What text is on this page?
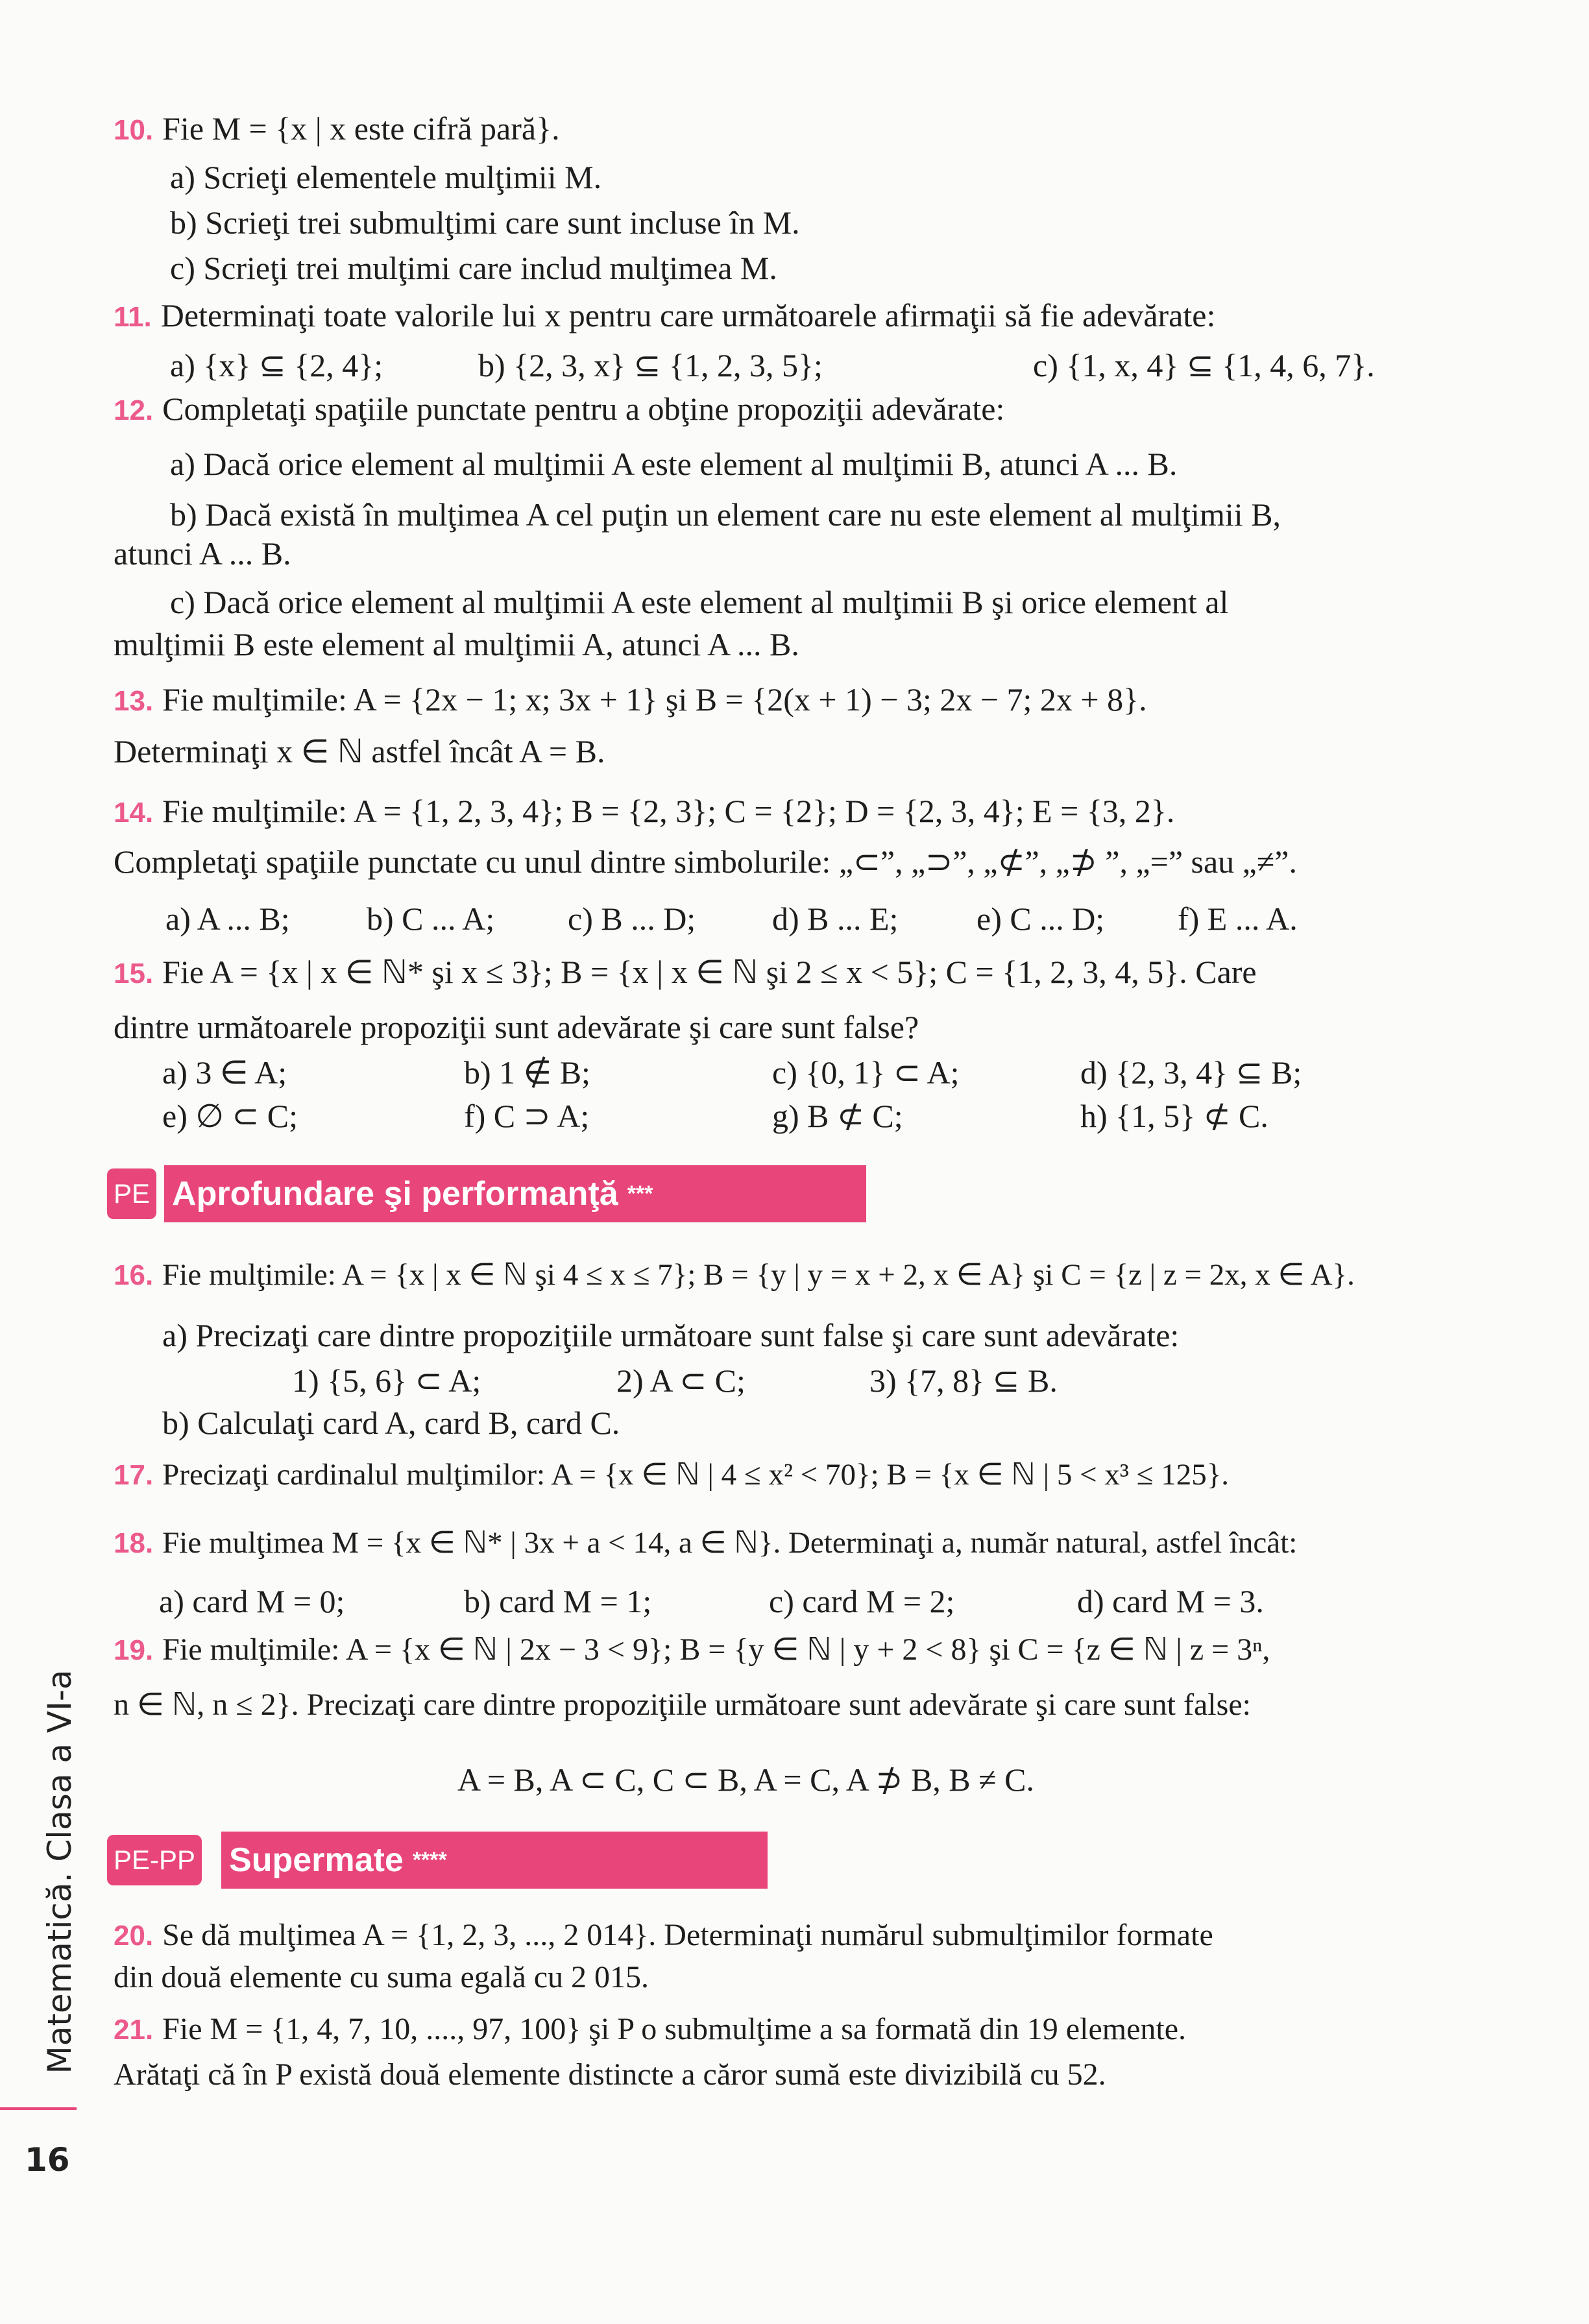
10. Fie M = {x | x este cifră pară}.
a) Scrieţi elementele mulţimii M.
b) Scrieţi trei submulţimi care sunt incluse în M.
c) Scrieţi trei mulţimi care includ mulţimea M.
11. Determinaţi toate valorile lui x pentru care următoarele afirmaţii să fie adevărate:
a) {x} ⊆ {2, 4};	b) {2, 3, x} ⊆ {1, 2, 3, 5};	c) {1, x, 4} ⊆ {1, 4, 6, 7}.
12. Completaţi spaţiile punctate pentru a obţine propoziţii adevărate:
a) Dacă orice element al mulţimii A este element al mulţimii B, atunci A ... B.
b) Dacă există în mulţimea A cel puţin un element care nu este element al mulţimii B,
atunci A ... B.
c) Dacă orice element al mulţimii A este element al mulţimii B şi orice element al
mulţimii B este element al mulţimii A, atunci A ... B.
13. Fie mulţimile: A = {2x − 1; x; 3x + 1} şi B = {2(x + 1) − 3; 2x − 7; 2x + 8}.
Determinaţi x ∈ ℕ astfel încât A = B.
14. Fie mulţimile: A = {1, 2, 3, 4}; B = {2, 3}; C = {2}; D = {2, 3, 4}; E = {3, 2}.
Completaţi spaţiile punctate cu unul dintre simbolurile: „⊂”, „⊃”, „⊄”, „⊅ ”, „=” sau „≠”.
a) A ... B; b) C ... A; c) B ... D; d) B ... E; e) C ... D; f) E ... A.
15. Fie A = {x | x ∈ ℕ* şi x ≤ 3}; B = {x | x ∈ ℕ şi 2 ≤ x < 5}; C = {1, 2, 3, 4, 5}. Care
dintre următoarele propoziţii sunt adevărate şi care sunt false?
a) 3 ∈ A;	b) 1 ∉ B;	c) {0, 1} ⊂ A;	d) {2, 3, 4} ⊆ B;
e) ∅ ⊂ C;	f) C ⊃ A;	g) B ⊄ C;	h) {1, 5} ⊄ C.
PE Aprofundare şi performanţă ***
16. Fie mulţimile: A = {x | x ∈ ℕ şi 4 ≤ x ≤ 7}; B = {y | y = x + 2, x ∈ A} şi C = {z | z = 2x, x ∈ A}.
a) Precizaţi care dintre propoziţiile următoare sunt false şi care sunt adevărate:
1) {5, 6} ⊂ A;	2) A ⊂ C;	3) {7, 8} ⊆ B.
b) Calculaţi card A, card B, card C.
17. Precizaţi cardinalul mulţimilor: A = {x ∈ ℕ | 4 ≤ x² < 70}; B = {x ∈ ℕ | 5 < x³ ≤ 125}.
18. Fie mulţimea M = {x ∈ ℕ* | 3x + a < 14, a ∈ ℕ}. Determinaţi a, număr natural, astfel încât:
a) card M = 0;	b) card M = 1;	c) card M = 2;	d) card M = 3.
19. Fie mulţimile: A = {x ∈ ℕ | 2x − 3 < 9}; B = {y ∈ ℕ | y + 2 < 8} şi C = {z ∈ ℕ | z = 3ⁿ,
n ∈ ℕ, n ≤ 2}. Precizaţi care dintre propoziţiile următoare sunt adevărate şi care sunt false:
A = B, A ⊂ C, C ⊂ B, A = C, A ⊅ B, B ≠ C.
PE-PP Supermate ****
20. Se dă mulţimea A = {1, 2, 3, ..., 2 014}. Determinaţi numărul submulţimilor formate
din două elemente cu suma egală cu 2 015.
21. Fie M = {1, 4, 7, 10, ...., 97, 100} şi P o submulţime a sa formată din 19 elemente.
Arătaţi că în P există două elemente distincte a căror sumă este divizibilă cu 52.
Matematică. Clasa a VI-a
16
